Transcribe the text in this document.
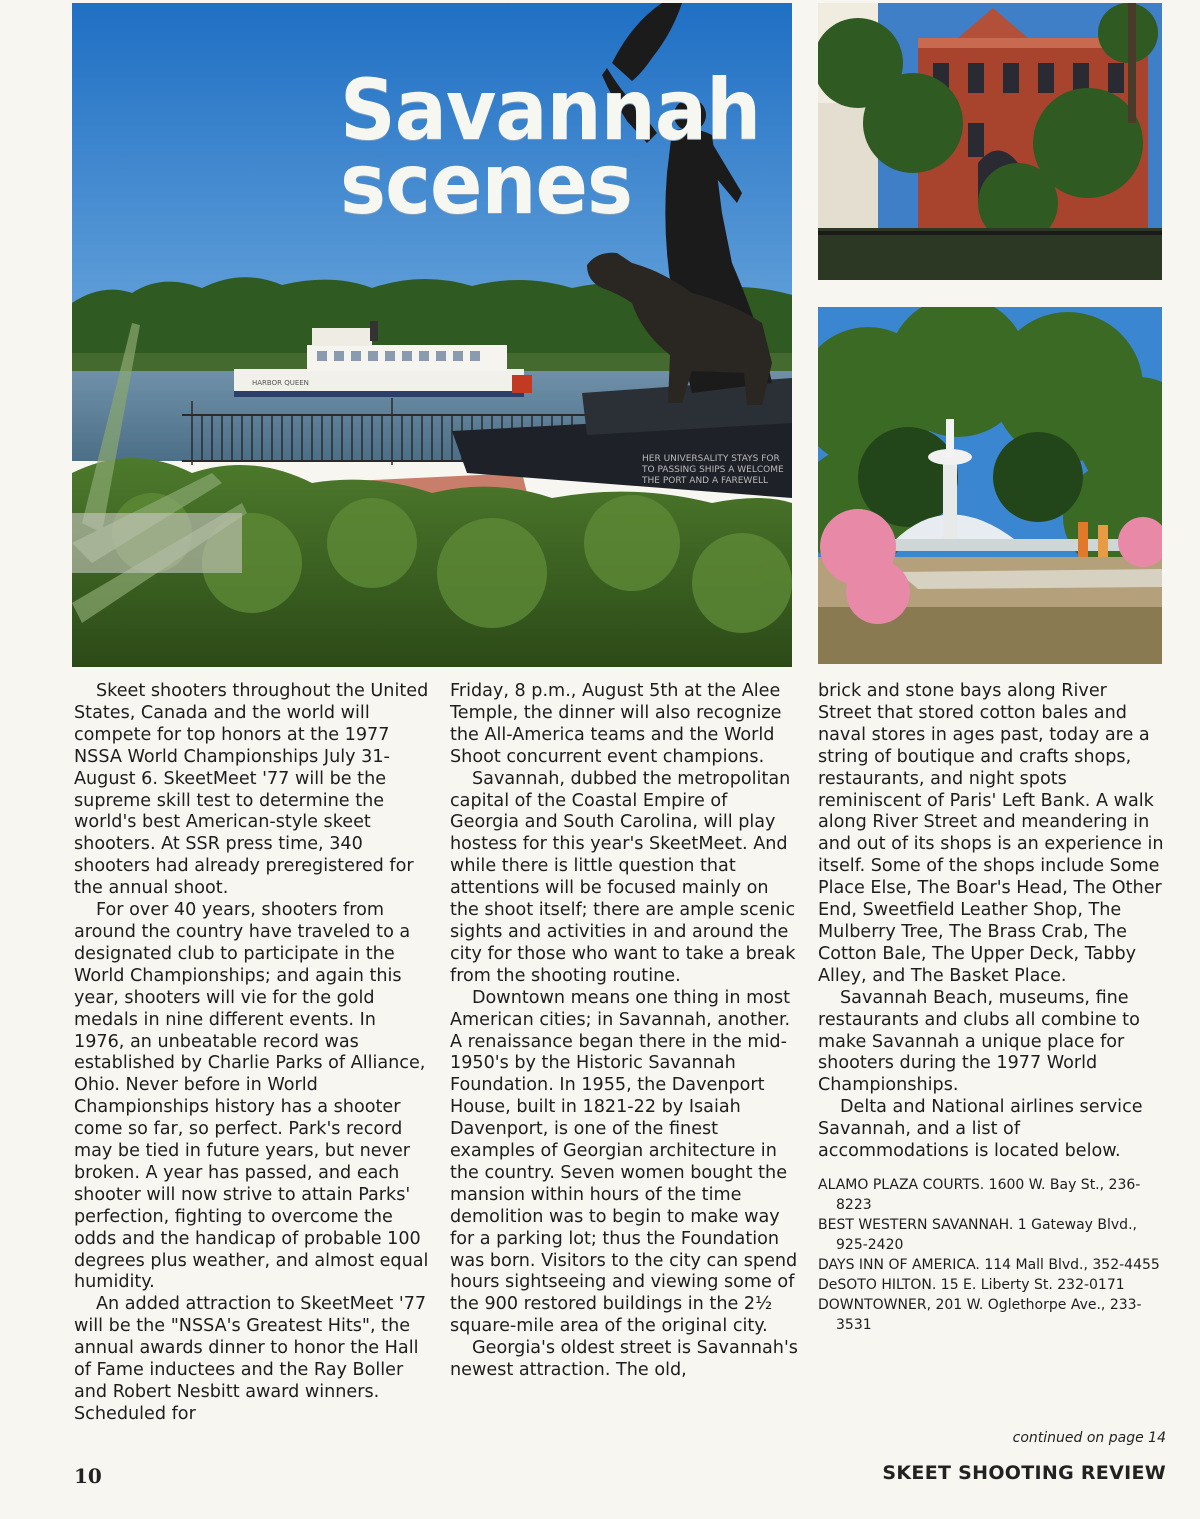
HARBOR QUEEN
HER UNIVERSALITY STAYS FOR
TO PASSING SHIPS A WELCOME
THE PORT AND A FAREWELL
Savannah
scenes

Skeet shooters throughout the United States, Canada and the world will compete for top honors at the 1977 NSSA World Championships July 31-August 6. SkeetMeet '77 will be the supreme skill test to determine the world's best American-style skeet shooters. At SSR press time, 340 shooters had already preregistered for the annual shoot.

For over 40 years, shooters from around the country have traveled to a designated club to participate in the World Championships; and again this year, shooters will vie for the gold medals in nine different events. In 1976, an unbeatable record was established by Charlie Parks of Alliance, Ohio. Never before in World Championships history has a shooter come so far, so perfect. Park's record may be tied in future years, but never broken. A year has passed, and each shooter will now strive to attain Parks' perfection, fighting to overcome the odds and the handicap of probable 100 degrees plus weather, and almost equal humidity.

An added attraction to SkeetMeet '77 will be the "NSSA's Greatest Hits", the annual awards dinner to honor the Hall of Fame inductees and the Ray Boller and Robert Nesbitt award winners. Scheduled for

Friday, 8 p.m., August 5th at the Alee Temple, the dinner will also recognize the All-America teams and the World Shoot concurrent event champions.

Savannah, dubbed the metropolitan capital of the Coastal Empire of Georgia and South Carolina, will play hostess for this year's SkeetMeet. And while there is little question that attentions will be focused mainly on the shoot itself; there are ample scenic sights and activities in and around the city for those who want to take a break from the shooting routine.

Downtown means one thing in most American cities; in Savannah, another. A renaissance began there in the mid-1950's by the Historic Savannah Foundation. In 1955, the Davenport House, built in 1821-22 by Isaiah Davenport, is one of the finest examples of Georgian architecture in the country. Seven women bought the mansion within hours of the time demolition was to begin to make way for a parking lot; thus the Foundation was born. Visitors to the city can spend hours sightseeing and viewing some of the 900 restored buildings in the 2½ square-mile area of the original city.

Georgia's oldest street is Savannah's newest attraction. The old,

brick and stone bays along River Street that stored cotton bales and naval stores in ages past, today are a string of boutique and crafts shops, restaurants, and night spots reminiscent of Paris' Left Bank. A walk along River Street and meandering in and out of its shops is an experience in itself. Some of the shops include Some Place Else, The Boar's Head, The Other End, Sweetfield Leather Shop, The Mulberry Tree, The Brass Crab, The Cotton Bale, The Upper Deck, Tabby Alley, and The Basket Place.

Savannah Beach, museums, fine restaurants and clubs all combine to make Savannah a unique place for shooters during the 1977 World Championships.

Delta and National airlines service Savannah, and a list of accommodations is located below.

ALAMO PLAZA COURTS. 1600 W. Bay St., 236-8223
BEST WESTERN SAVANNAH. 1 Gateway Blvd., 925-2420
DAYS INN OF AMERICA. 114 Mall Blvd., 352-4455
DeSOTO HILTON. 15 E. Liberty St. 232-0171
DOWNTOWNER, 201 W. Oglethorpe Ave., 233-3531
continued on page 14
10	SKEET SHOOTING REVIEW
